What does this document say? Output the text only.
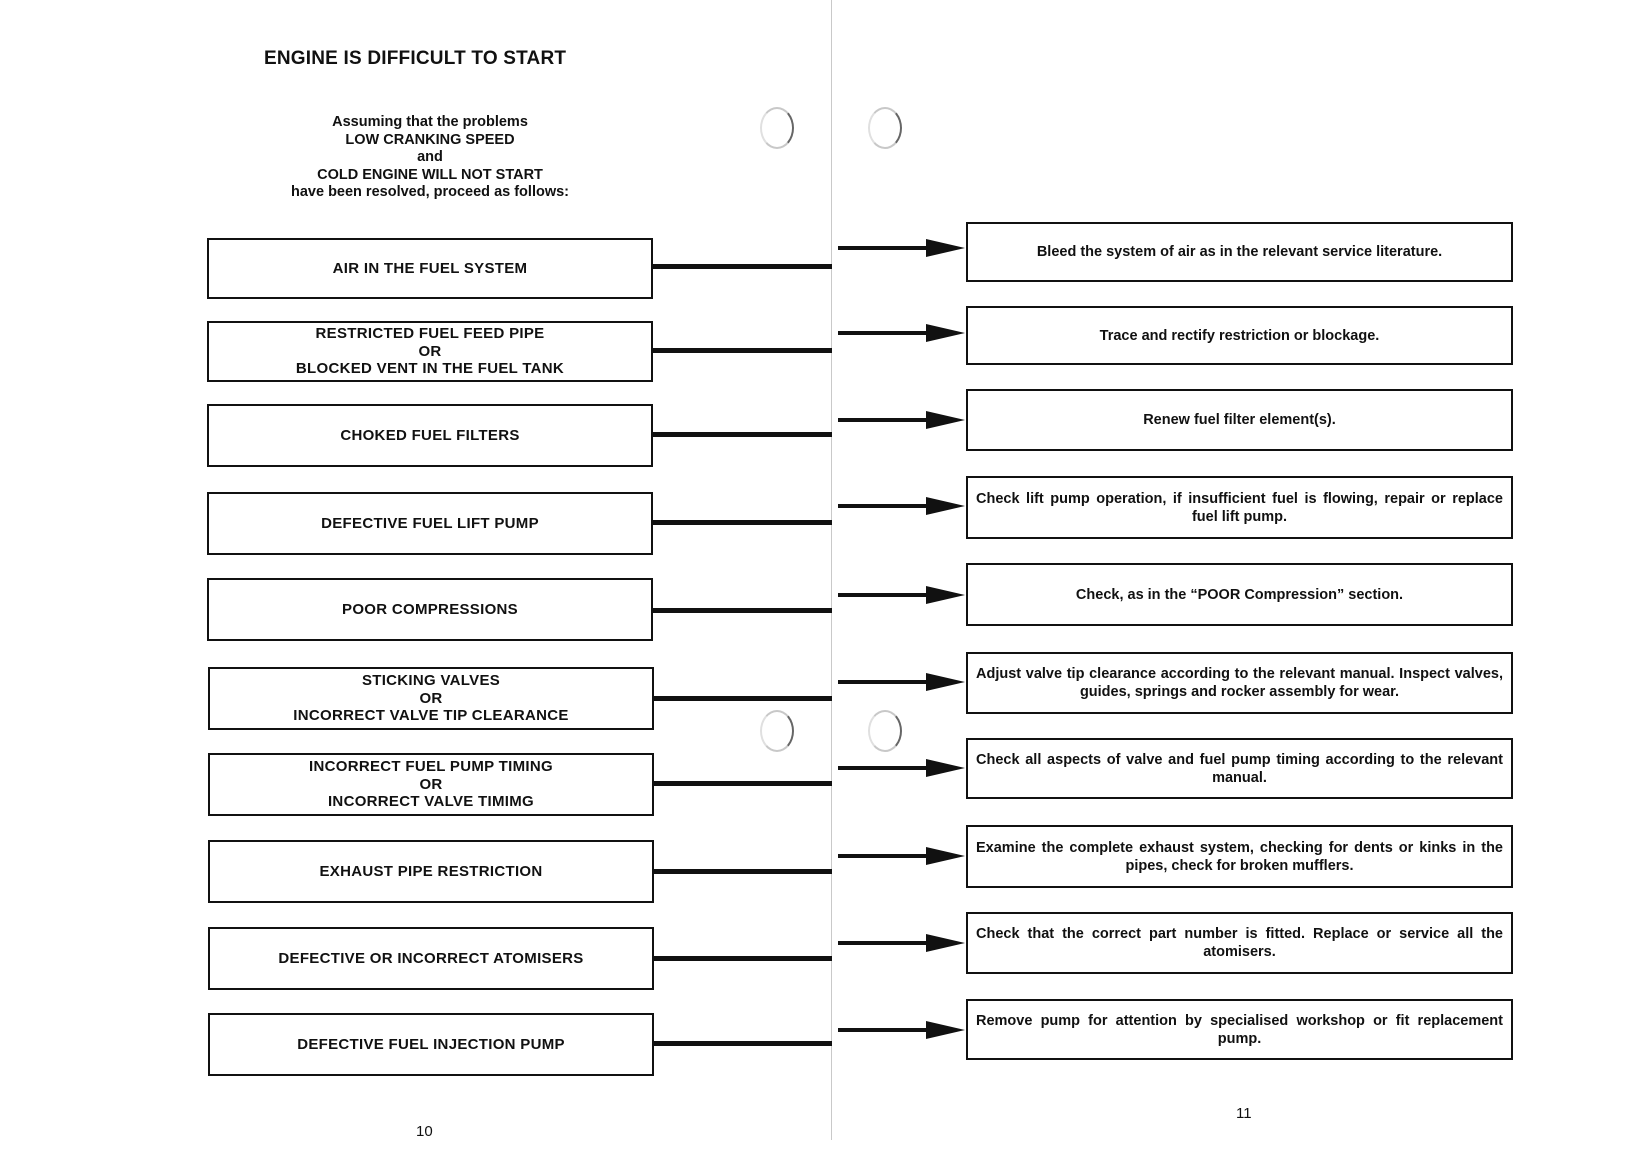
ENGINE IS DIFFICULT TO START
Assuming that the problems
LOW CRANKING SPEED
and
COLD ENGINE WILL NOT START
have been resolved, proceed as follows:
AIR IN THE FUEL SYSTEM
RESTRICTED FUEL FEED PIPE
OR
BLOCKED VENT IN THE FUEL TANK
CHOKED FUEL FILTERS
DEFECTIVE FUEL LIFT PUMP
POOR COMPRESSIONS
STICKING VALVES
OR
INCORRECT VALVE TIP CLEARANCE
INCORRECT FUEL PUMP TIMING
OR
INCORRECT VALVE TIMIMG
EXHAUST PIPE RESTRICTION
DEFECTIVE OR INCORRECT ATOMISERS
DEFECTIVE FUEL INJECTION PUMP
Bleed the system of air as in the relevant service literature.
Trace and rectify restriction or blockage.
Renew fuel filter element(s).
Check lift pump operation, if insufficient fuel is flowing, repair or replace fuel lift pump.
Check, as in the “POOR Compression” section.
Adjust valve tip clearance according to the relevant manual. Inspect valves, guides, springs and rocker assembly for wear.
Check all aspects of valve and fuel pump timing according to the relevant manual.
Examine the complete exhaust system, checking for dents or kinks in the pipes, check for broken mufflers.
Check that the correct part number is fitted. Replace or service all the atomisers.
Remove pump for attention by specialised workshop or fit replacement pump.
10
11
